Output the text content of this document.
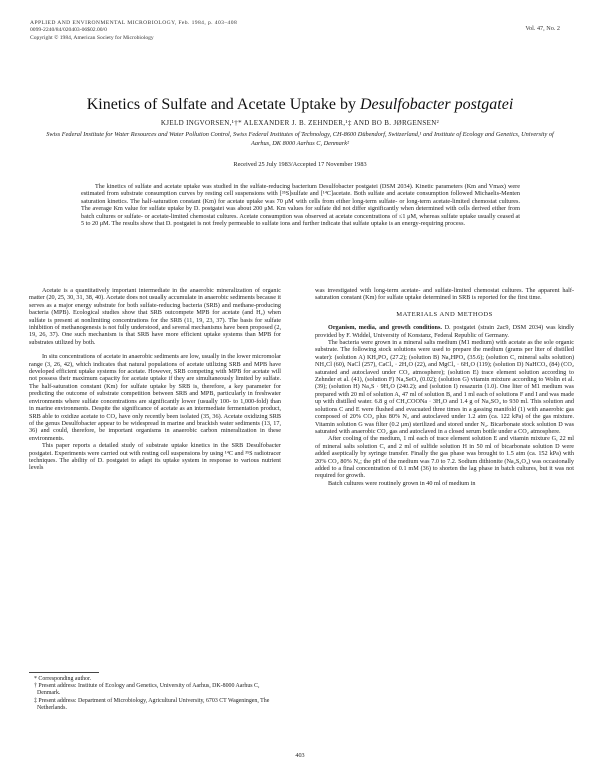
APPLIED AND ENVIRONMENTAL MICROBIOLOGY, Feb. 1984, p. 403–408
0099-2240/84/020403-06$02.00/0
Copyright © 1984, American Society for Microbiology
Vol. 47, No. 2
Kinetics of Sulfate and Acetate Uptake by Desulfobacter postgatei
KJELD INGVORSEN,¹†* ALEXANDER J. B. ZEHNDER,¹‡ AND BO B. JØRGENSEN²
Swiss Federal Institute for Water Resources and Water Pollution Control, Swiss Federal Institutes of Technology, CH-8600 Dübendorf, Switzerland,¹ and Institute of Ecology and Genetics, University of Aarhus, DK 8000 Aarhus C, Denmark²
Received 25 July 1983/Accepted 17 November 1983

The kinetics of sulfate and acetate uptake was studied in the sulfate-reducing bacterium Desulfobacter postgatei (DSM 2034). Kinetic parameters (Km and Vmax) were estimated from substrate consumption curves by resting cell suspensions with [³⁵S]sulfate and [¹⁴C]acetate. Both sulfate and acetate consumption followed Michaelis-Menten saturation kinetics. The half-saturation constant (Km) for acetate uptake was 70 μM with cells from either long-term sulfate- or long-term acetate-limited chemostat cultures. The average Km value for sulfate uptake by D. postgatei was about 200 μM. Km values for sulfate did not differ significantly when determined with cells derived either from batch cultures or sulfate- or acetate-limited chemostat cultures. Acetate consumption was observed at acetate concentrations of ≤1 μM, whereas sulfate uptake usually ceased at 5 to 20 μM. The results show that D. postgatei is not freely permeable to sulfate ions and further indicate that sulfate uptake is an energy-requiring process.

Acetate is a quantitatively important intermediate in the anaerobic mineralization of organic matter (20, 25, 30, 31, 38, 40). Acetate does not usually accumulate in anaerobic sediments because it serves as a major energy substrate for both sulfate-reducing bacteria (SRB) and methane-producing bacteria (MPB). Ecological studies show that SRB outcompete MPB for acetate (and H₂) when sulfate is present at nonlimiting concentrations for the SRB (11, 19, 23, 37). The basis for sulfate inhibition of methanogenesis is not fully understood, and several mechanisms have been proposed (2, 19, 26, 37). One such mechanism is that SRB have more efficient uptake systems than MPB for substrates utilized by both.

In situ concentrations of acetate in anaerobic sediments are low, usually in the lower micromolar range (3, 26, 42), which indicates that natural populations of acetate utilizing SRB and MPB have developed efficient uptake systems for acetate. However, SRB competing with MPB for acetate will not possess their maximum capacity for acetate uptake if they are simultaneously limited by sulfate. The half-saturation constant (Km) for sulfate uptake by SRB is, therefore, a key parameter for predicting the outcome of substrate competition between SRB and MPB, particularly in freshwater environments where sulfate concentrations are significantly lower (usually 100- to 1,000-fold) than in marine environments. Despite the significance of acetate as an intermediate fermentation product, SRB able to oxidize acetate to CO₂ have only recently been isolated (35, 36). Acetate oxidizing SRB of the genus Desulfobacter appear to be widespread in marine and brackish water sediments (13, 17, 36) and could, therefore, be important organisms in anaerobic carbon mineralization in these environments.

This paper reports a detailed study of substrate uptake kinetics in the SRB Desulfobacter postgatei. Experiments were carried out with resting cell suspensions by using ¹⁴C and ³⁵S radiotracer techniques. The ability of D. postgatei to adapt its uptake system in response to various nutrient levels

* Corresponding author.

† Present address: Institute of Ecology and Genetics, University of Aarhus, DK-8000 Aarhus C, Denmark.

‡ Present address: Department of Microbiology, Agricultural University, 6703 CT Wageningen, The Netherlands.

was investigated with long-term acetate- and sulfate-limited chemostat cultures. The apparent half-saturation constant (Km) for sulfate uptake determined in SRB is reported for the first time.

MATERIALS AND METHODS

Organism, media, and growth conditions. D. postgatei (strain 2ac9, DSM 2034) was kindly provided by F. Widdel, University of Konstanz, Federal Republic of Germany.

The bacteria were grown in a mineral salts medium (M1 medium) with acetate as the sole organic substrate. The following stock solutions were used to prepare the medium (grams per liter of distilled water): (solution A) KH₂PO₄ (27.2); (solution B) Na₂HPO₄ (35.6); (solution C, mineral salts solution) NH₄Cl (60), NaCl (257), CaCl₂ · 2H₂O (22), and MgCl₂ · 6H₂O (119); (solution D) NaHCO₃ (84) (CO₂ saturated and autoclaved under CO₂ atmosphere); (solution E) trace element solution according to Zehnder et al. (41), (solution F) Na₂SeO₃ (0.02); (solution G) vitamin mixture according to Wolin et al. (39); (solution H) Na₂S · 9H₂O (240.2); and (solution I) resazurin (1.0). One liter of M1 medium was prepared with 20 ml of solution A, 47 ml of solution B, and 1 ml each of solutions F and I and was made up with distilled water. 6.8 g of CH₃COONa · 3H₂O and 1.4 g of Na₂SO₄ to 930 ml. This solution and solutions C and E were flushed and evacuated three times in a gassing manifold (1) with anaerobic gas composed of 20% CO₂ plus 80% N₂ and autoclaved under 1.2 atm (ca. 122 kPa) of the gas mixture. Vitamin solution G was filter (0.2 μm) sterilized and stored under N₂. Bicarbonate stock solution D was saturated with anaerobic CO₂ gas and autoclaved in a closed serum bottle under a CO₂ atmosphere.

After cooling of the medium, 1 ml each of trace element solution E and vitamin mixture G, 22 ml of mineral salts solution C, and 2 ml of sulfide solution H in 50 ml of bicarbonate solution D were added aseptically by syringe transfer. Finally the gas phase was brought to 1.5 atm (ca. 152 kPa) with 20% CO₂ 80% N₂; the pH of the medium was 7.0 to 7.2. Sodium dithionite (Na₂S₂O₄) was occasionally added to a final concentration of 0.1 mM (36) to shorten the lag phase in batch cultures, but it was not required for growth.

Batch cultures were routinely grown in 40 ml of medium in

403
